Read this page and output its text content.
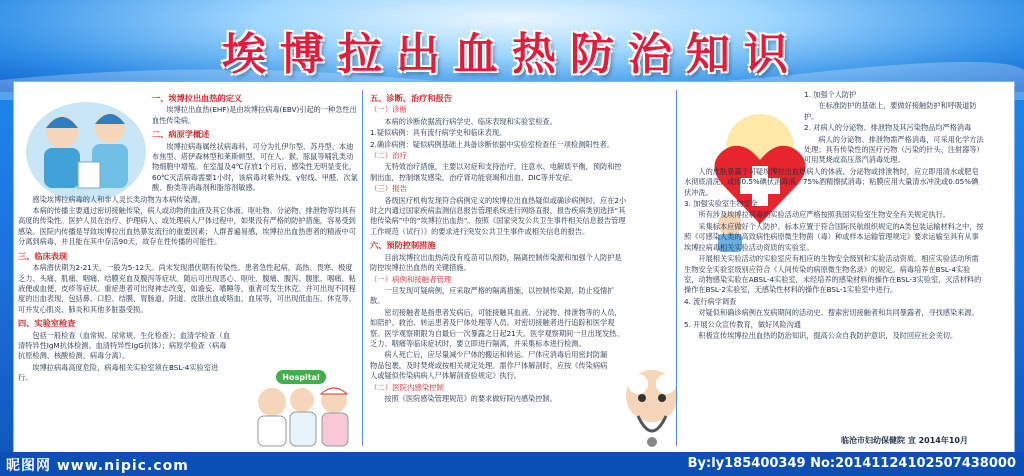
埃博拉出血热防治知识
Hospital
一、埃博拉出血热的定义

埃博拉出血热(EHF)是由埃博拉病毒(EBV)引起的一种急性出血性传染病。

二、病原学概述

埃博拉病毒属丝状病毒科，可分为扎伊尔型、苏丹型、本迪布焦型、塔伊森林型和莱斯顿型。可在人、猴、豚鼠等哺乳类动物细胞中增殖。在室温及4℃存放1个月后，感染性无明显变化，60℃灭活病毒需要1小时，该病毒对紫外线、γ射线、甲醛、次氯酸、酚类等消毒剂和脂溶剂敏感。

感染埃博拉病毒的人和非人灵长类动物为本病传染源。

本病的传播主要通过密切接触传染，病人或动物的血液及其它体液、呕吐物、分泌物、排泄物等均具有高度的传染性。医护人员在治疗、护理病人、或处理病人尸体过程中，如果没有严格的防护措施，容易受到感染。医院内传播是导致埃博拉出血热暴发流行的重要因素；人群普遍易感，埃博拉出血热患者的精液中可分离到病毒，并且能在其中存活90天，故存在性传播的可能性。

三、临床表现

本病潜伏期为2-21天，一般为5-12天。尚未发现潜伏期有传染性。患者急性起病，高热、畏寒、极度乏力、头痛、肌痛、咽痛、结膜充血及腹泻等症状。随后可出现恶心、呕吐、腹痛、腹泻、腹胀、咽痛、粘液便或血便，皮疹等症状。重症患者可出现神志改变，如谵妄、嗜睡等，重者可发生休克。并可出现不同程度的出血表现，包括鼻、口腔、结膜、胃肠道、阴道、皮肤出血或咯血、血尿等，可出现低血压、休克等。可并发心肌炎、肺炎和其他多脏器受损。

四、实验室检查

包括一般检查（血常规、尿常规、生化检查）；血清学检查（血清特异性IgM抗体检测、血清特异性IgG抗体）；病原学检查（病毒抗原检测、核酸检测、病毒分离）。

埃博拉病毒高度危险，病毒相关实验室须在BSL-4实验室进行。

五、诊断、治疗和报告
（一）诊断

本病的诊断依据流行病学史、临床表现和实验室检查。

1.疑似病例：具有流行病学史和临床表现。

2.确诊病例：疑似病例基础上具备诊断依据中实验室检查任一项检测阳性者。

（二）治疗

无特效治疗措施，主要以对症和支持治疗，注意水、电解质平衡，预防和控制出血，控制继发感染，治疗肾功能衰竭和出血、DIC等并发症。

（三）报告

各级医疗机构发现符合病例定义的埃博拉出血热疑似或确诊病例时，应在2小时之内通过国家疾病监测信息报告管理系统进行网络直报，报告疾病类别选择“其他传染病”中的“埃博拉出血热”。按照《国家突发公共卫生事件相关信息报告管理工作规范（试行）》的要求进行突发公共卫生事件或相关信息的报告。

六、预防控制措施

目前埃博拉出血热尚没有疫苗可以预防，隔离控制传染源和加强个人防护是防控埃博拉出血热的关键措施。

（一）病例和接触者管理

一旦发现可疑病例，应采取严格的隔离措施，以控制传染源，防止疫情扩散。

密切接触者是指患者发病后，可能接触其血液、分泌物、排泄物等的人员，如陪护、救治、转运患者及尸体处理等人员。对密切接触者进行追踪和医学观察。医学观察期限为自最后一次暴露之日起21天。医学观察期间一旦出现发热、乏力、咽痛等临床症状时，要立即进行隔离，并采集标本进行检测。

病人死亡后，应尽量减少尸体的搬运和转运。尸体应消毒后用密封防漏物品包裹，及时焚烧或按相关规定处理。需作尸体解剖时，应按《传染病病人或疑似传染病病人尸体解剖查验规定》执行。

（二）医院内感染控制

按照《医院感染管理规范》的要求做好院内感染控制。

1. 加强个人防护

在标准防护的基础上，要做好接触防护和呼吸道防护。

2. 对病人的分泌物、排泄物及其污染物品均严格消毒

病人的分泌物、排泄物需严格消毒，可采用化学方法处理；具有传染性的医疗污物（污染的针头、注射器等）可用焚烧或高压蒸汽消毒处理。

人的皮肤暴露于可疑埃博拉出血热病人的体液、分泌物或排泄物时，应立即用清水或肥皂水彻底清洗，或用0.5%碘伏消毒液、75%酒精擦拭消毒；粘膜应用大量清水冲洗或0.05%碘伏冲洗。

3. 加强实验室生物安全

所有涉及埃博拉病毒的实验活动应严格按照我国实验室生物安全有关规定执行。

采集标本应做好个人防护。标本应置于符合国际民航组织规定的A类包装运输材料之中，按照《可感染人类的高致病性病原微生物菌（毒）种或样本运输管理规定》要求运输至具有从事埃博拉病毒相关实验活动资质的实验室。

开展相关实验活动的实验室应有相应的生物安全级别和实验活动资质。相应实验活动所需生物安全实验室级别应符合《人间传染的病原微生物名录》的规定。病毒培养在BSL-4实验室，动物感染实验在ABSL-4实验室，未经培养的感染材料的操作在BSL-3实验室，灭活材料的操作在BSL-2实验室，无感染性材料的操作在BSL-1实验室中进行。

4. 流行病学调查

对疑似和确诊病例在发病期间的活动史、搜索密切接触者和共同暴露者，寻找感染来源。

5. 开展公众宣传教育，做好风险沟通

积极宣传埃博拉出血热的防治知识，提高公众自我防护意识，及时回应社会关切。

临沧市妇幼保健院 宣 2014年10月
昵图网 www.nipic.com	By:ly185400349 No:20141124102507438000
